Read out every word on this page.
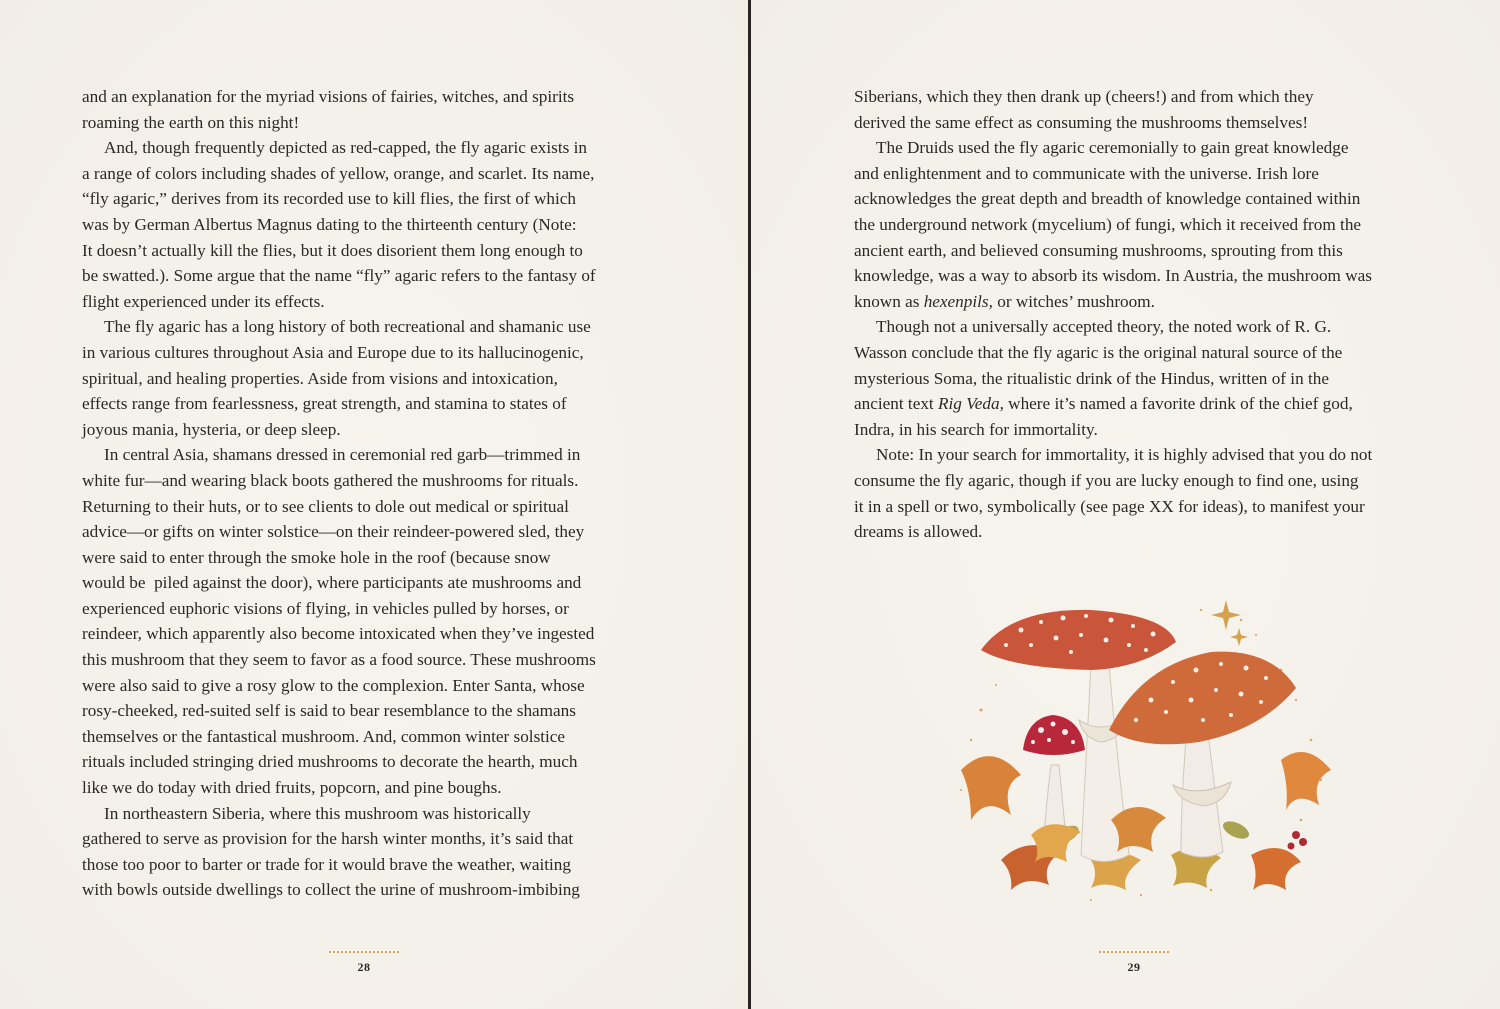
and an explanation for the myriad visions of fairies, witches, and spirits
roaming the earth on this night!
And, though frequently depicted as red-capped, the fly agaric exists in
a range of colors including shades of yellow, orange, and scarlet. Its name,
“fly agaric,” derives from its recorded use to kill flies, the first of which
was by German Albertus Magnus dating to the thirteenth century (Note:
It doesn’t actually kill the flies, but it does disorient them long enough to
be swatted.). Some argue that the name “fly” agaric refers to the fantasy of
flight experienced under its effects.
The fly agaric has a long history of both recreational and shamanic use
in various cultures throughout Asia and Europe due to its hallucinogenic,
spiritual, and healing properties. Aside from visions and intoxication,
effects range from fearlessness, great strength, and stamina to states of
joyous mania, hysteria, or deep sleep.
In central Asia, shamans dressed in ceremonial red garb—trimmed in
white fur—and wearing black boots gathered the mushrooms for rituals.
Returning to their huts, or to see clients to dole out medical or spiritual
advice—or gifts on winter solstice—on their reindeer-powered sled, they
were said to enter through the smoke hole in the roof (because snow
would be  piled against the door), where participants ate mushrooms and
experienced euphoric visions of flying, in vehicles pulled by horses, or
reindeer, which apparently also become intoxicated when they’ve ingested
this mushroom that they seem to favor as a food source. These mushrooms
were also said to give a rosy glow to the complexion. Enter Santa, whose
rosy-cheeked, red-suited self is said to bear resemblance to the shamans
themselves or the fantastical mushroom. And, common winter solstice
rituals included stringing dried mushrooms to decorate the hearth, much
like we do today with dried fruits, popcorn, and pine boughs.
In northeastern Siberia, where this mushroom was historically
gathered to serve as provision for the harsh winter months, it’s said that
those too poor to barter or trade for it would brave the weather, waiting
with bowls outside dwellings to collect the urine of mushroom-imbibing
28
Siberians, which they then drank up (cheers!) and from which they
derived the same effect as consuming the mushrooms themselves!
The Druids used the fly agaric ceremonially to gain great knowledge
and enlightenment and to communicate with the universe. Irish lore
acknowledges the great depth and breadth of knowledge contained within
the underground network (mycelium) of fungi, which it received from the
ancient earth, and believed consuming mushrooms, sprouting from this
knowledge, was a way to absorb its wisdom. In Austria, the mushroom was
known as hexenpils, or witches’ mushroom.
Though not a universally accepted theory, the noted work of R. G.
Wasson conclude that the fly agaric is the original natural source of the
mysterious Soma, the ritualistic drink of the Hindus, written of in the
ancient text Rig Veda, where it’s named a favorite drink of the chief god,
Indra, in his search for immortality.
Note: In your search for immortality, it is highly advised that you do not
consume the fly agaric, though if you are lucky enough to find one, using
it in a spell or two, symbolically (see page XX for ideas), to manifest your
dreams is allowed.
29
